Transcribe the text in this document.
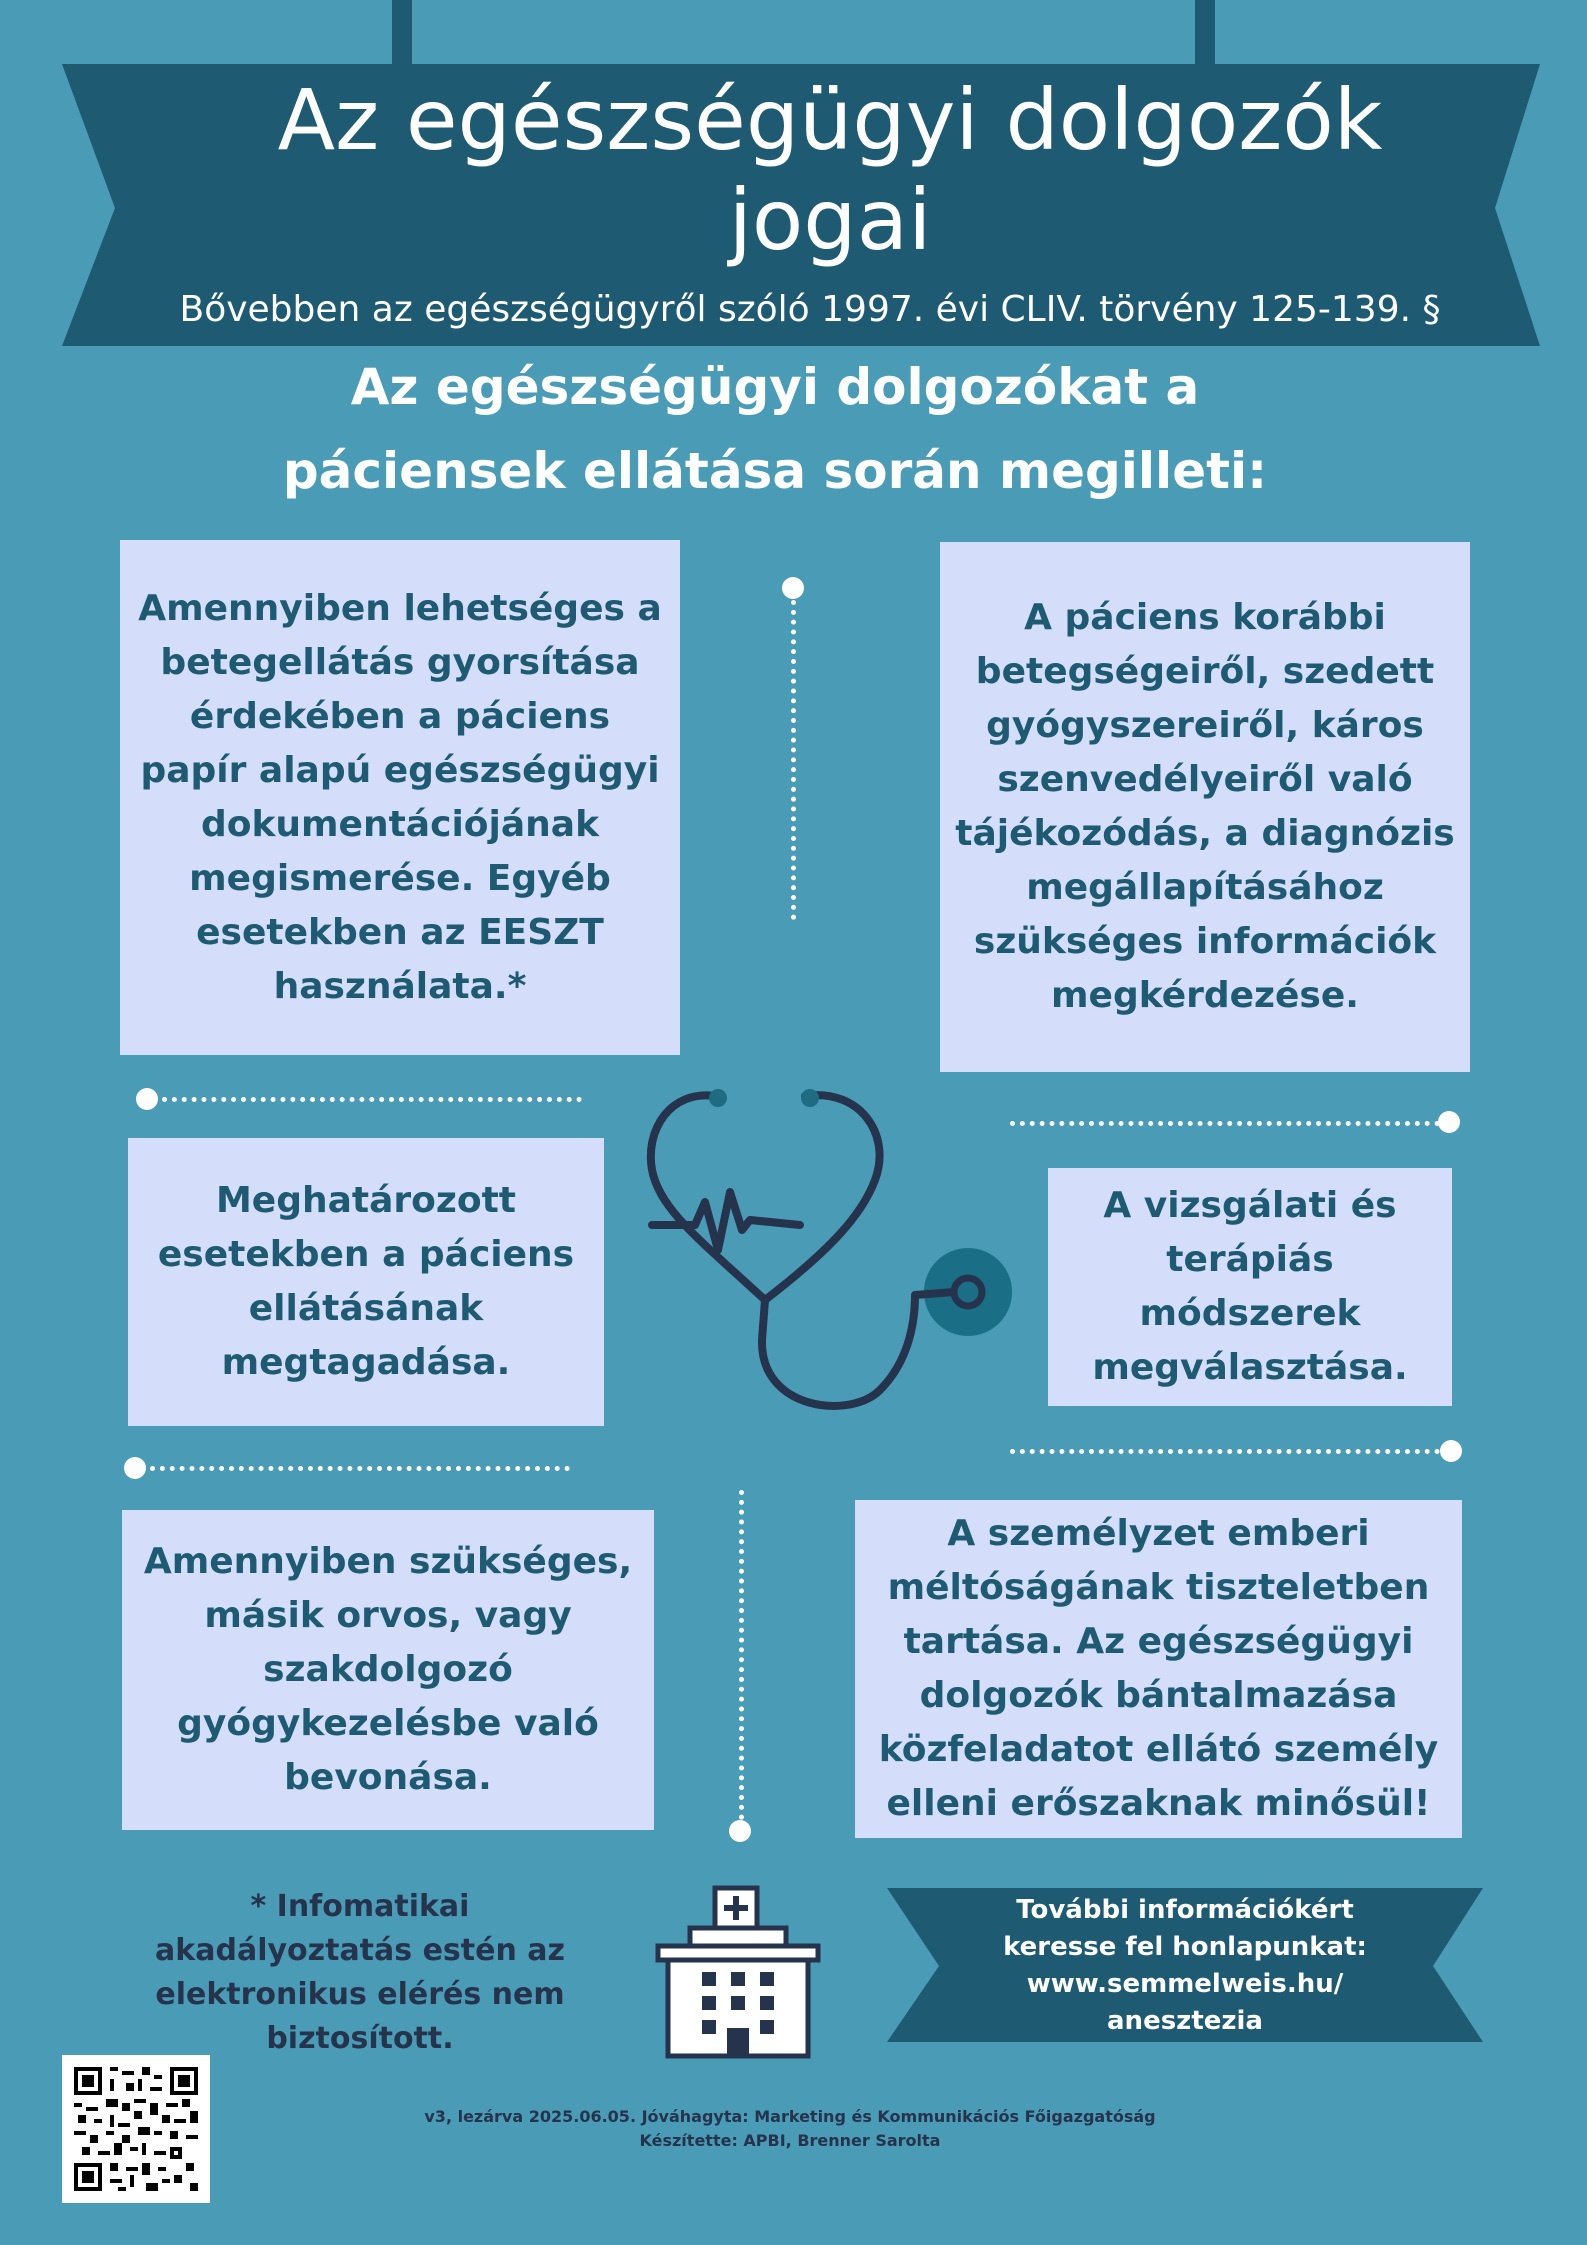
Az egészségügyi dolgozók
jogai
Bővebben az egészségügyről szóló 1997. évi CLIV. törvény 125-139. §
Az egészségügyi dolgozókat a
páciensek ellátása során megilleti:
Amennyiben lehetséges a betegellátás gyorsítása érdekében a páciens papír alapú egészségügyi dokumentációjának megismerése. Egyéb esetekben az EESZT használata.*
A páciens korábbi betegségeiről, szedett gyógyszereiről, káros szenvedélyeiről való tájékozódás, a diagnózis megállapításához szükséges információk megkérdezése.
Meghatározott esetekben a páciens ellátásának megtagadása.
A vizsgálati és terápiás módszerek megválasztása.
Amennyiben szükséges, másik orvos, vagy szakdolgozó gyógykezelésbe való bevonása.
A személyzet emberi méltóságának tiszteletben tartása. Az egészségügyi dolgozók bántalmazása közfeladatot ellátó személy elleni erőszaknak minősül!
* Infomatikai akadályoztatás estén az elektronikus elérés nem biztosított.
További információkért
keresse fel honlapunkat:
www.semmelweis.hu/
anesztezia
v3, lezárva 2025.06.05. Jóváhagyta: Marketing és Kommunikációs Főigazgatóság
Készítette: APBI, Brenner Sarolta
